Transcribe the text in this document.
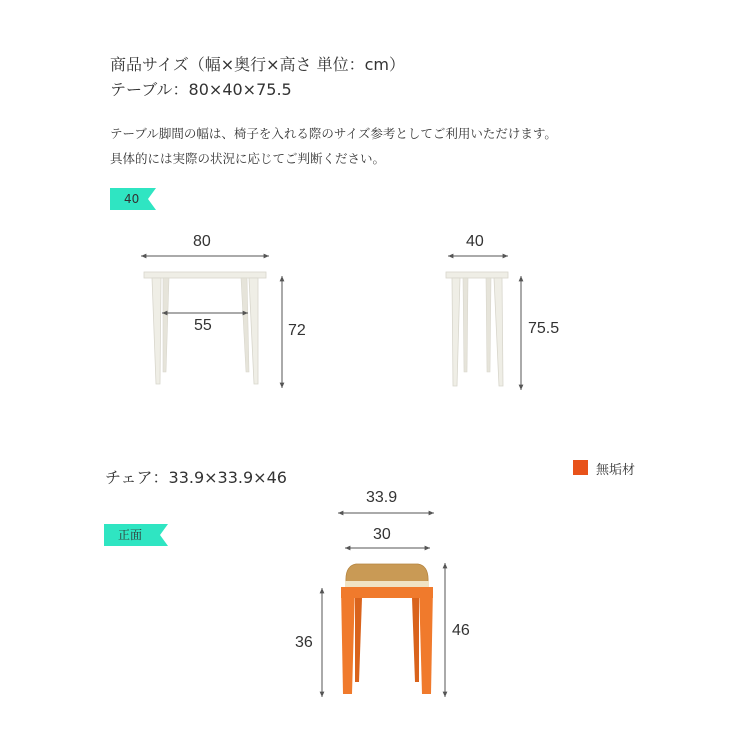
商品サイズ（幅×奥行×高さ 単位：cm）
テーブル：80×40×75.5
テーブル脚間の幅は、椅子を入れる際のサイズ参考としてご利用いただけます。
具体的には実際の状況に応じてご判断ください。
40
80
55	72
40
75.5
チェア：33.9×33.9×46	無垢材
正面
33.9
30
36
46
